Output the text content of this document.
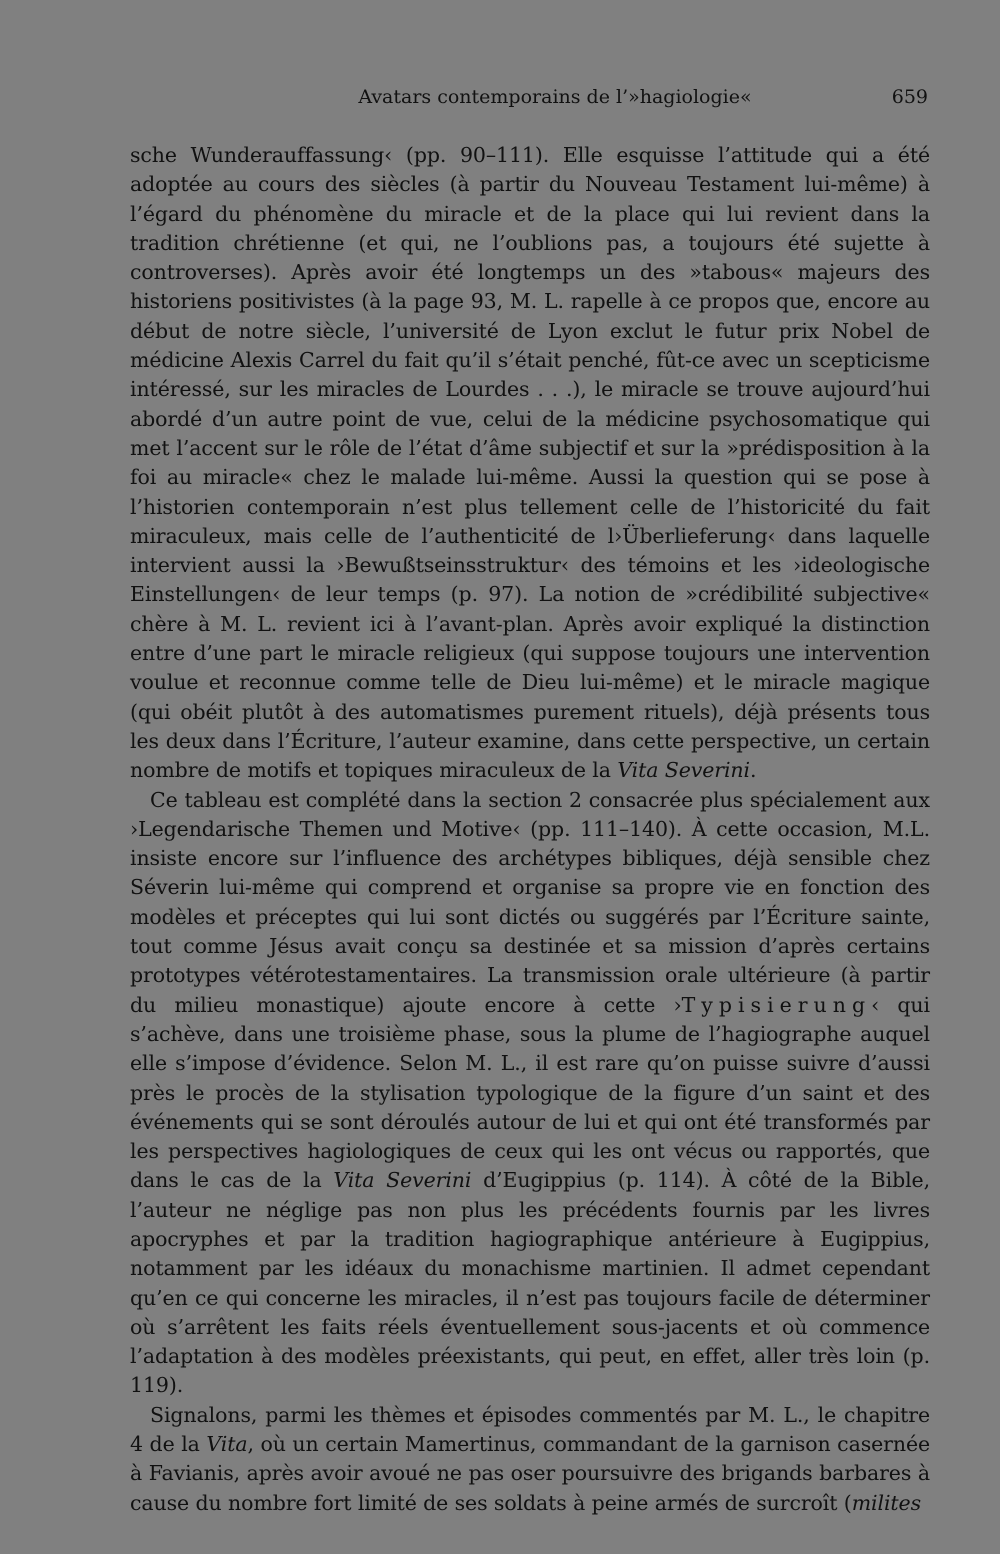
Avatars contemporains de l’»hagiologie«	659

sche Wunderauffassung‹ (pp. 90–111). Elle esquisse l’attitude qui a été adoptée au cours des siècles (à partir du Nouveau Testament lui-même) à l’égard du phénomène du miracle et de la place qui lui revient dans la tradition chrétienne (et qui, ne l’oublions pas, a toujours été sujette à controverses). Après avoir été longtemps un des »tabous« majeurs des historiens positivistes (à la page 93, M. L. rapelle à ce propos que, encore au début de notre siècle, l’université de Lyon exclut le futur prix Nobel de médicine Alexis Carrel du fait qu’il s’était penché, fût-ce avec un scepticisme intéressé, sur les miracles de Lourdes . . .), le miracle se trouve aujourd’hui abordé d’un autre point de vue, celui de la médicine psychosomatique qui met l’accent sur le rôle de l’état d’âme subjectif et sur la »prédisposition à la foi au miracle« chez le malade lui-même. Aussi la question qui se pose à l’historien contemporain n’est plus tellement celle de l’historicité du fait miraculeux, mais celle de l’authenticité de l›Überlieferung‹ dans laquelle intervient aussi la ›Bewußtseinsstruktur‹ des témoins et les ›ideologische Einstellungen‹ de leur temps (p. 97). La notion de »crédibilité subjective« chère à M. L. revient ici à l’avant-plan. Après avoir expliqué la distinction entre d’une part le miracle religieux (qui suppose toujours une intervention voulue et reconnue comme telle de Dieu lui-même) et le miracle magique (qui obéit plutôt à des automatismes purement rituels), déjà présents tous les deux dans l’Écriture, l’auteur examine, dans cette perspective, un certain nombre de motifs et topiques miraculeux de la Vita Severini.

Ce tableau est complété dans la section 2 consacrée plus spécialement aux ›Legendarische Themen und Motive‹ (pp. 111–140). À cette occasion, M.L. insiste encore sur l’influence des archétypes bibliques, déjà sensible chez Séverin lui-même qui comprend et organise sa propre vie en fonction des modèles et préceptes qui lui sont dictés ou suggérés par l’Écriture sainte, tout comme Jésus avait conçu sa destinée et sa mission d’après certains prototypes vétérotestamentaires. La transmission orale ultérieure (à partir du milieu monastique) ajoute encore à cette ›Typisierung‹ qui s’achève, dans une troisième phase, sous la plume de l’hagiographe auquel elle s’impose d’évidence. Selon M. L., il est rare qu’on puisse suivre d’aussi près le procès de la stylisation typologique de la figure d’un saint et des événements qui se sont déroulés autour de lui et qui ont été transformés par les perspectives hagiologiques de ceux qui les ont vécus ou rapportés, que dans le cas de la Vita Severini d’Eugippius (p. 114). À côté de la Bible, l’auteur ne néglige pas non plus les précédents fournis par les livres apocryphes et par la tradition hagiographique antérieure à Eugippius, notamment par les idéaux du monachisme martinien. Il admet cependant qu’en ce qui concerne les miracles, il n’est pas toujours facile de déterminer où s’arrêtent les faits réels éventuellement sous-jacents et où commence l’adaptation à des modèles préexistants, qui peut, en effet, aller très loin (p. 119).

Signalons, parmi les thèmes et épisodes commentés par M. L., le chapitre 4 de la Vita, où un certain Mamertinus, commandant de la garnison casernée à Favianis, après avoir avoué ne pas oser poursuivre des brigands barbares à cause du nombre fort limité de ses soldats à peine armés de surcroît (milites
